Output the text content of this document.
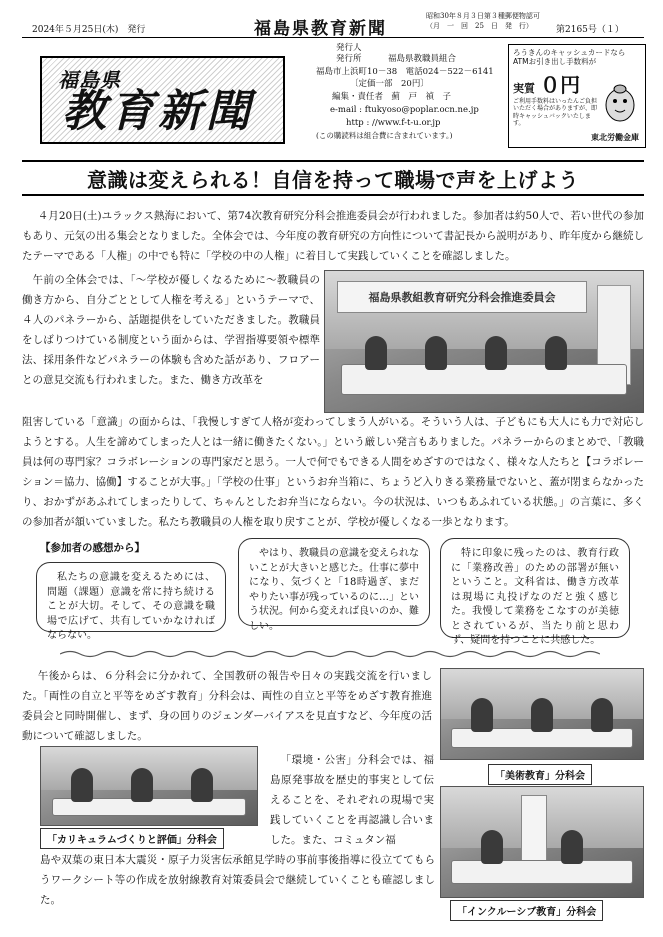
2024年５月25日(木)　発行	福島県教育新聞
昭和30年８月３日第３種郵便物認可
（月　一　回　25　日　発　行）	第2165号（１）
福島県
教育新聞
発行人
発行所	福島県教職員組合
福島市上浜町10－38　電話024－522－6141
〔定価一部　20円〕
編集・責任者　薊　戸　禎　子
e-mail : ftukyoso@poplar.ocn.ne.jp
http : //www.f-t-u.or.jp
(この購読料は組合費に含まれています。)
ろうきんのキャッシュカードなら
ATMお引き出し手数料が
実質 ０円
ご利用手数料はいったんご負担いただく場合がありますが、即時キャッシュバックいたします。
東北労働金庫
意識は変えられる！自信を持って職場で声を上げよう

４月20日(土)ユラックス熱海において、第74次教育研究分科会推進委員会が行われました。参加者は約50人で、若い世代の参加もあり、元気の出る集会となりました。全体会では、今年度の教育研究の方向性について書記長から説明があり、昨年度から継続したテーマである「人権」の中でも特に「学校の中の人権」に着目して実践していくことを確認しました。

午前の全体会では、「～学校が優しくなるために～教職員の働き方から、自分ごととして人権を考える」というテーマで、４人のパネラーから、話題提供をしていただきました。教職員をしばりつけている制度という面からは、学習指導要領や標準法、採用条件などパネラーの体験も含めた話があり、フロアーとの意見交流も行われました。また、働き方改革を

福島県教組教育研究分科会推進委員会

阻害している「意識」の面からは、「我慢しすぎて人格が変わってしまう人がいる。そういう人は、子どもにも大人にも力で対応しようとする。人生を諦めてしまった人とは一緒に働きたくない。」という厳しい発言もありました。パネラーからのまとめで、「教職員は何の専門家？コラボレーションの専門家だと思う。一人で何でもできる人間をめざすのではなく、様々な人たちと【コラボレーション＝協力、協働】することが大事。」「学校の仕事」というお弁当箱に、ちょうど入りきる業務量でないと、蓋が閉まらなかったり、おかずがあふれてしまったりして、ちゃんとしたお弁当にならない。今の状況は、いつもあふれている状態。」の言葉に、多くの参加者が頷いていました。私たち教職員の人権を取り戻すことが、学校が優しくなる一歩となります。

【参加者の感想から】
私たちの意識を変えるためには、問題（課題）意識を常に持ち続けることが大切。そして、その意識を職場で広げて、共有していかなければならない。
やはり、教職員の意識を変えられないことが大きいと感じた。仕事に夢中になり、気づくと「18時過ぎ、まだやりたい事が残っているのに…」という状況。何から変えれば良いのか、難しい。
特に印象に残ったのは、教育行政に「業務改善」のための部署が無いということ。文科省は、働き方改革は現場に丸投げなのだと強く感じた。我慢して業務をこなすのが美徳とされているが、当たり前と思わず、疑問を持つことに共感した。

午後からは、６分科会に分かれて、全国教研の報告や日々の実践交流を行いました。「両性の自立と平等をめざす教育」分科会は、両性の自立と平等をめざす教育推進委員会と同時開催し、まず、身の回りのジェンダーバイアスを見直すなど、今年度の活動について確認しました。

「カリキュラムづくりと評価」分科会

「環境・公害」分科会では、福島原発事故を歴史的事実として伝えることを、それぞれの現場で実践していくことを再認識し合いました。また、コミュタン福

島や双葉の東日本大震災・原子力災害伝承館見学時の事前事後指導に役立ててもらうワークシート等の作成を放射線教育対策委員会で継続していくことも確認しました。

「美術教育」分科会
「インクルーシブ教育」分科会
